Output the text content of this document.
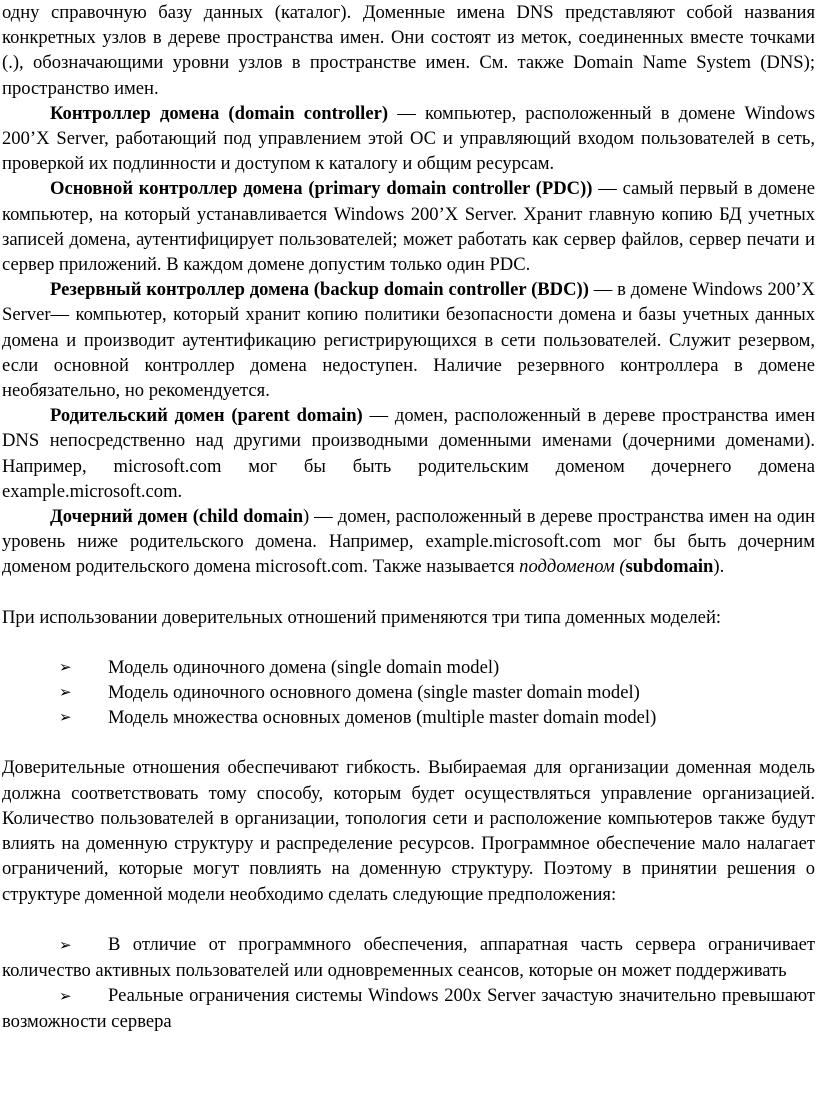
одну справочную базу данных (каталог). Доменные имена DNS представляют собой названия конкретных узлов в дереве пространства имен. Они состоят из меток, соединенных вместе точками (.), обозначающими уровни узлов в пространстве имен. См. также Domain Name System (DNS); пространство имен.

Контроллер домена (domain controller) — компьютер, расположенный в домене Windows 200’X Server, работающий под управлением этой ОС и управляющий входом пользователей в сеть, проверкой их подлинности и доступом к каталогу и общим ресурсам.

Основной контроллер домена (primary domain controller (PDC)) — самый первый в домене компьютер, на который устанавливается Windows 200’X Server. Хранит главную копию БД учетных записей домена, аутентифицирует пользователей; может работать как сервер файлов, сервер печати и сервер приложений. В каждом домене допустим только один PDC.

Резервный контроллер домена (backup domain controller (BDC)) — в домене Windows 200’X Server— компьютер, который хранит копию политики безопасности домена и базы учетных данных домена и производит аутентификацию регистрирующихся в сети пользователей. Служит резервом, если основной контроллер домена недоступен. Наличие резервного контроллера в домене необязательно, но рекомендуется.

Родительский домен (parent domain) — домен, расположенный в дереве пространства имен DNS непосредственно над другими производными доменными именами (дочерними доменами). Например, microsoft.com мог бы быть родительским доменом дочернего домена example.microsoft.com.

Дочерний домен (child domain) — домен, расположенный в дереве пространства имен на один уровень ниже родительского домена. Например, example.microsoft.com мог бы быть дочерним доменом родительского домена microsoft.com. Также называется поддоменом (subdomain).

При использовании доверительных отношений применяются три типа доменных моделей:

➢ Модель одиночного домена (single domain model)
➢ Модель одиночного основного домена (single master domain model)
➢ Модель множества основных доменов (multiple master domain model)

Доверительные отношения обеспечивают гибкость. Выбираемая для организации доменная модель должна соответствовать тому способу, которым будет осуществляться управление организацией. Количество пользователей в организации, топология сети и расположение компьютеров также будут влиять на доменную структуру и распределение ресурсов. Программное обеспечение мало налагает ограничений, которые могут повлиять на доменную структуру. Поэтому в принятии решения о структуре доменной модели необходимо сделать следующие предположения:

➢ В отличие от программного обеспечения, аппаратная часть сервера ограничивает количество активных пользователей или одновременных сеансов, которые он может поддерживать
➢ Реальные ограничения системы Windows 200x Server зачастую значительно превышают возможности сервера
